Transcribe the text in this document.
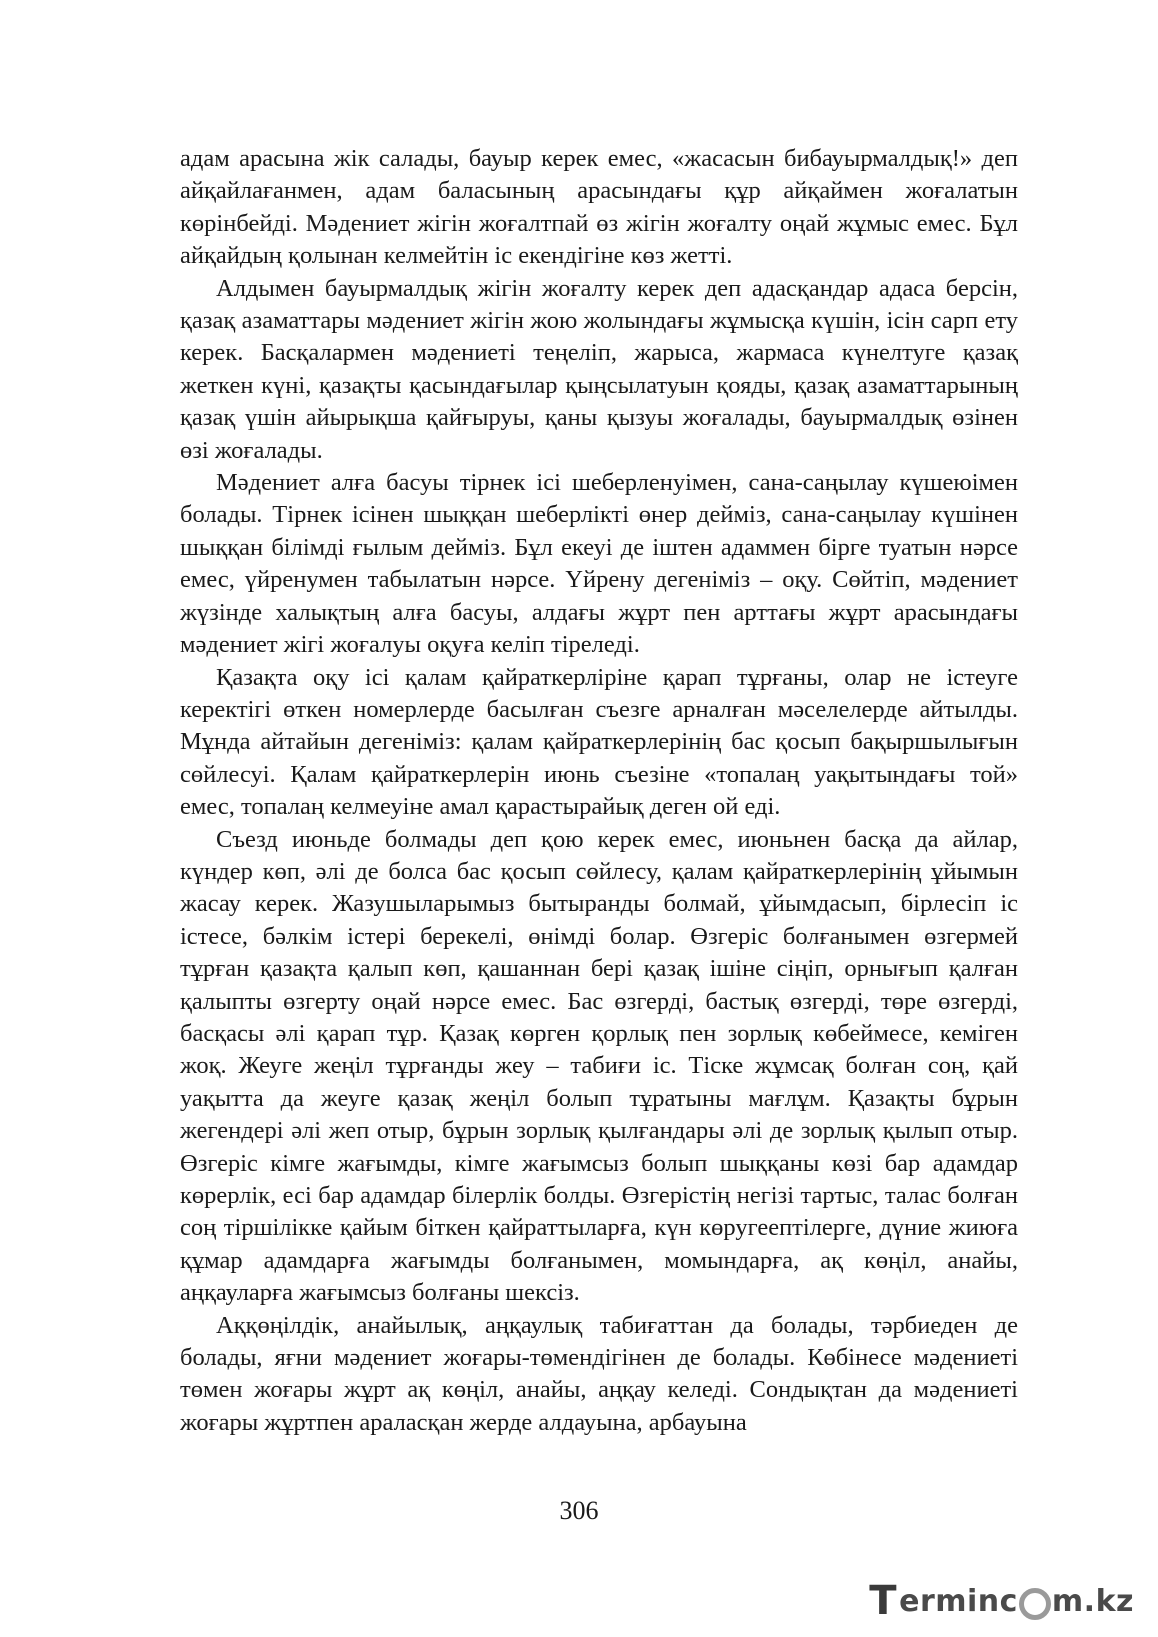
адам арасына жік салады, бауыр керек емес, «жасасын бибауырмалдық!» деп айқайлағанмен, адам баласының арасындағы құр айқаймен жоғалатын көрінбейді. Мәдениет жігін жоғалтпай өз жігін жоғалту оңай жұмыс емес. Бұл айқайдың қолынан келмейтін іс екендігіне көз жетті.

Алдымен бауырмалдық жігін жоғалту керек деп адасқандар адаса берсін, қазақ азаматтары мәдениет жігін жою жолындағы жұмысқа күшін, ісін сарп ету керек. Басқалармен мәдениеті теңеліп, жарыса, жармаса күнелтуге қазақ жеткен күні, қазақты қасындағылар қыңсылатуын қояды, қазақ азаматтарының қазақ үшін айырықша қайғыруы, қаны қызуы жоғалады, бауырмалдық өзінен өзі жоғалады.

Мәдениет алға басуы тірнек ісі шеберленуімен, сана-саңылау күшеюімен болады. Тірнек ісінен шыққан шеберлікті өнер дейміз, сана-саңылау күшінен шыққан білімді ғылым дейміз. Бұл екеуі де іштен адаммен бірге туатын нәрсе емес, үйренумен табылатын нәрсе. Үйрену дегеніміз – оқу. Сөйтіп, мәдениет жүзінде халықтың алға басуы, алдағы жұрт пен арттағы жұрт арасындағы мәдениет жігі жоғалуы оқуға келіп тіреледі.

Қазақта оқу ісі қалам қайраткерліріне қарап тұрғаны, олар не істеуге керектігі өткен номерлерде басылған съезге арналған мәселелерде айтылды. Мұнда айтайын дегеніміз: қалам қайраткерлерінің бас қосып бақыршылығын сөйлесуі. Қалам қайраткерлерін июнь съезіне «топалаң уақытындағы той» емес, топалаң келмеуіне амал қарастырайық деген ой еді.

Съезд июньде болмады деп қою керек емес, июньнен басқа да айлар, күндер көп, әлі де болса бас қосып сөйлесу, қалам қайраткерлерінің ұйымын жасау керек. Жазушыларымыз бытыранды болмай, ұйымдасып, бірлесіп іс істесе, бәлкім істері берекелі, өнімді болар. Өзгеріс болғанымен өзгермей тұрған қазақта қалып көп, қашаннан бері қазақ ішіне сіңіп, орнығып қалған қалыпты өзгерту оңай нәрсе емес. Бас өзгерді, бастық өзгерді, төре өзгерді, басқасы әлі қарап тұр. Қазақ көрген қорлық пен зорлық көбеймесе, кеміген жоқ. Жеуге жеңіл тұрғанды жеу – табиғи іс. Тіске жұмсақ болған соң, қай уақытта да жеуге қазақ жеңіл болып тұратыны мағлұм. Қазақты бұрын жегендері әлі жеп отыр, бұрын зорлық қылғандары әлі де зорлық қылып отыр. Өзгеріс кімге жағымды, кімге жағымсыз болып шыққаны көзі бар адамдар көрерлік, есі бар адамдар білерлік болды. Өзгерістің негізі тартыс, талас болған соң тіршілікке қайым біткен қайраттыларға, күн көругеептілерге, дүние жиюға құмар адамдарға жағымды болғанымен, момындарға, ақ көңіл, анайы, аңқауларға жағымсыз болғаны шексіз.

Аққөңілдік, анайылық, аңқаулық табиғаттан да болады, тәрбиеден де болады, яғни мәдениет жоғары-төмендігінен де болады. Көбінесе мәдениеті төмен жоғары жұрт ақ көңіл, анайы, аңқау келеді. Сондықтан да мәдениеті жоғары жұртпен араласқан жерде алдауына, арбауына

306
T erminc m.kz
